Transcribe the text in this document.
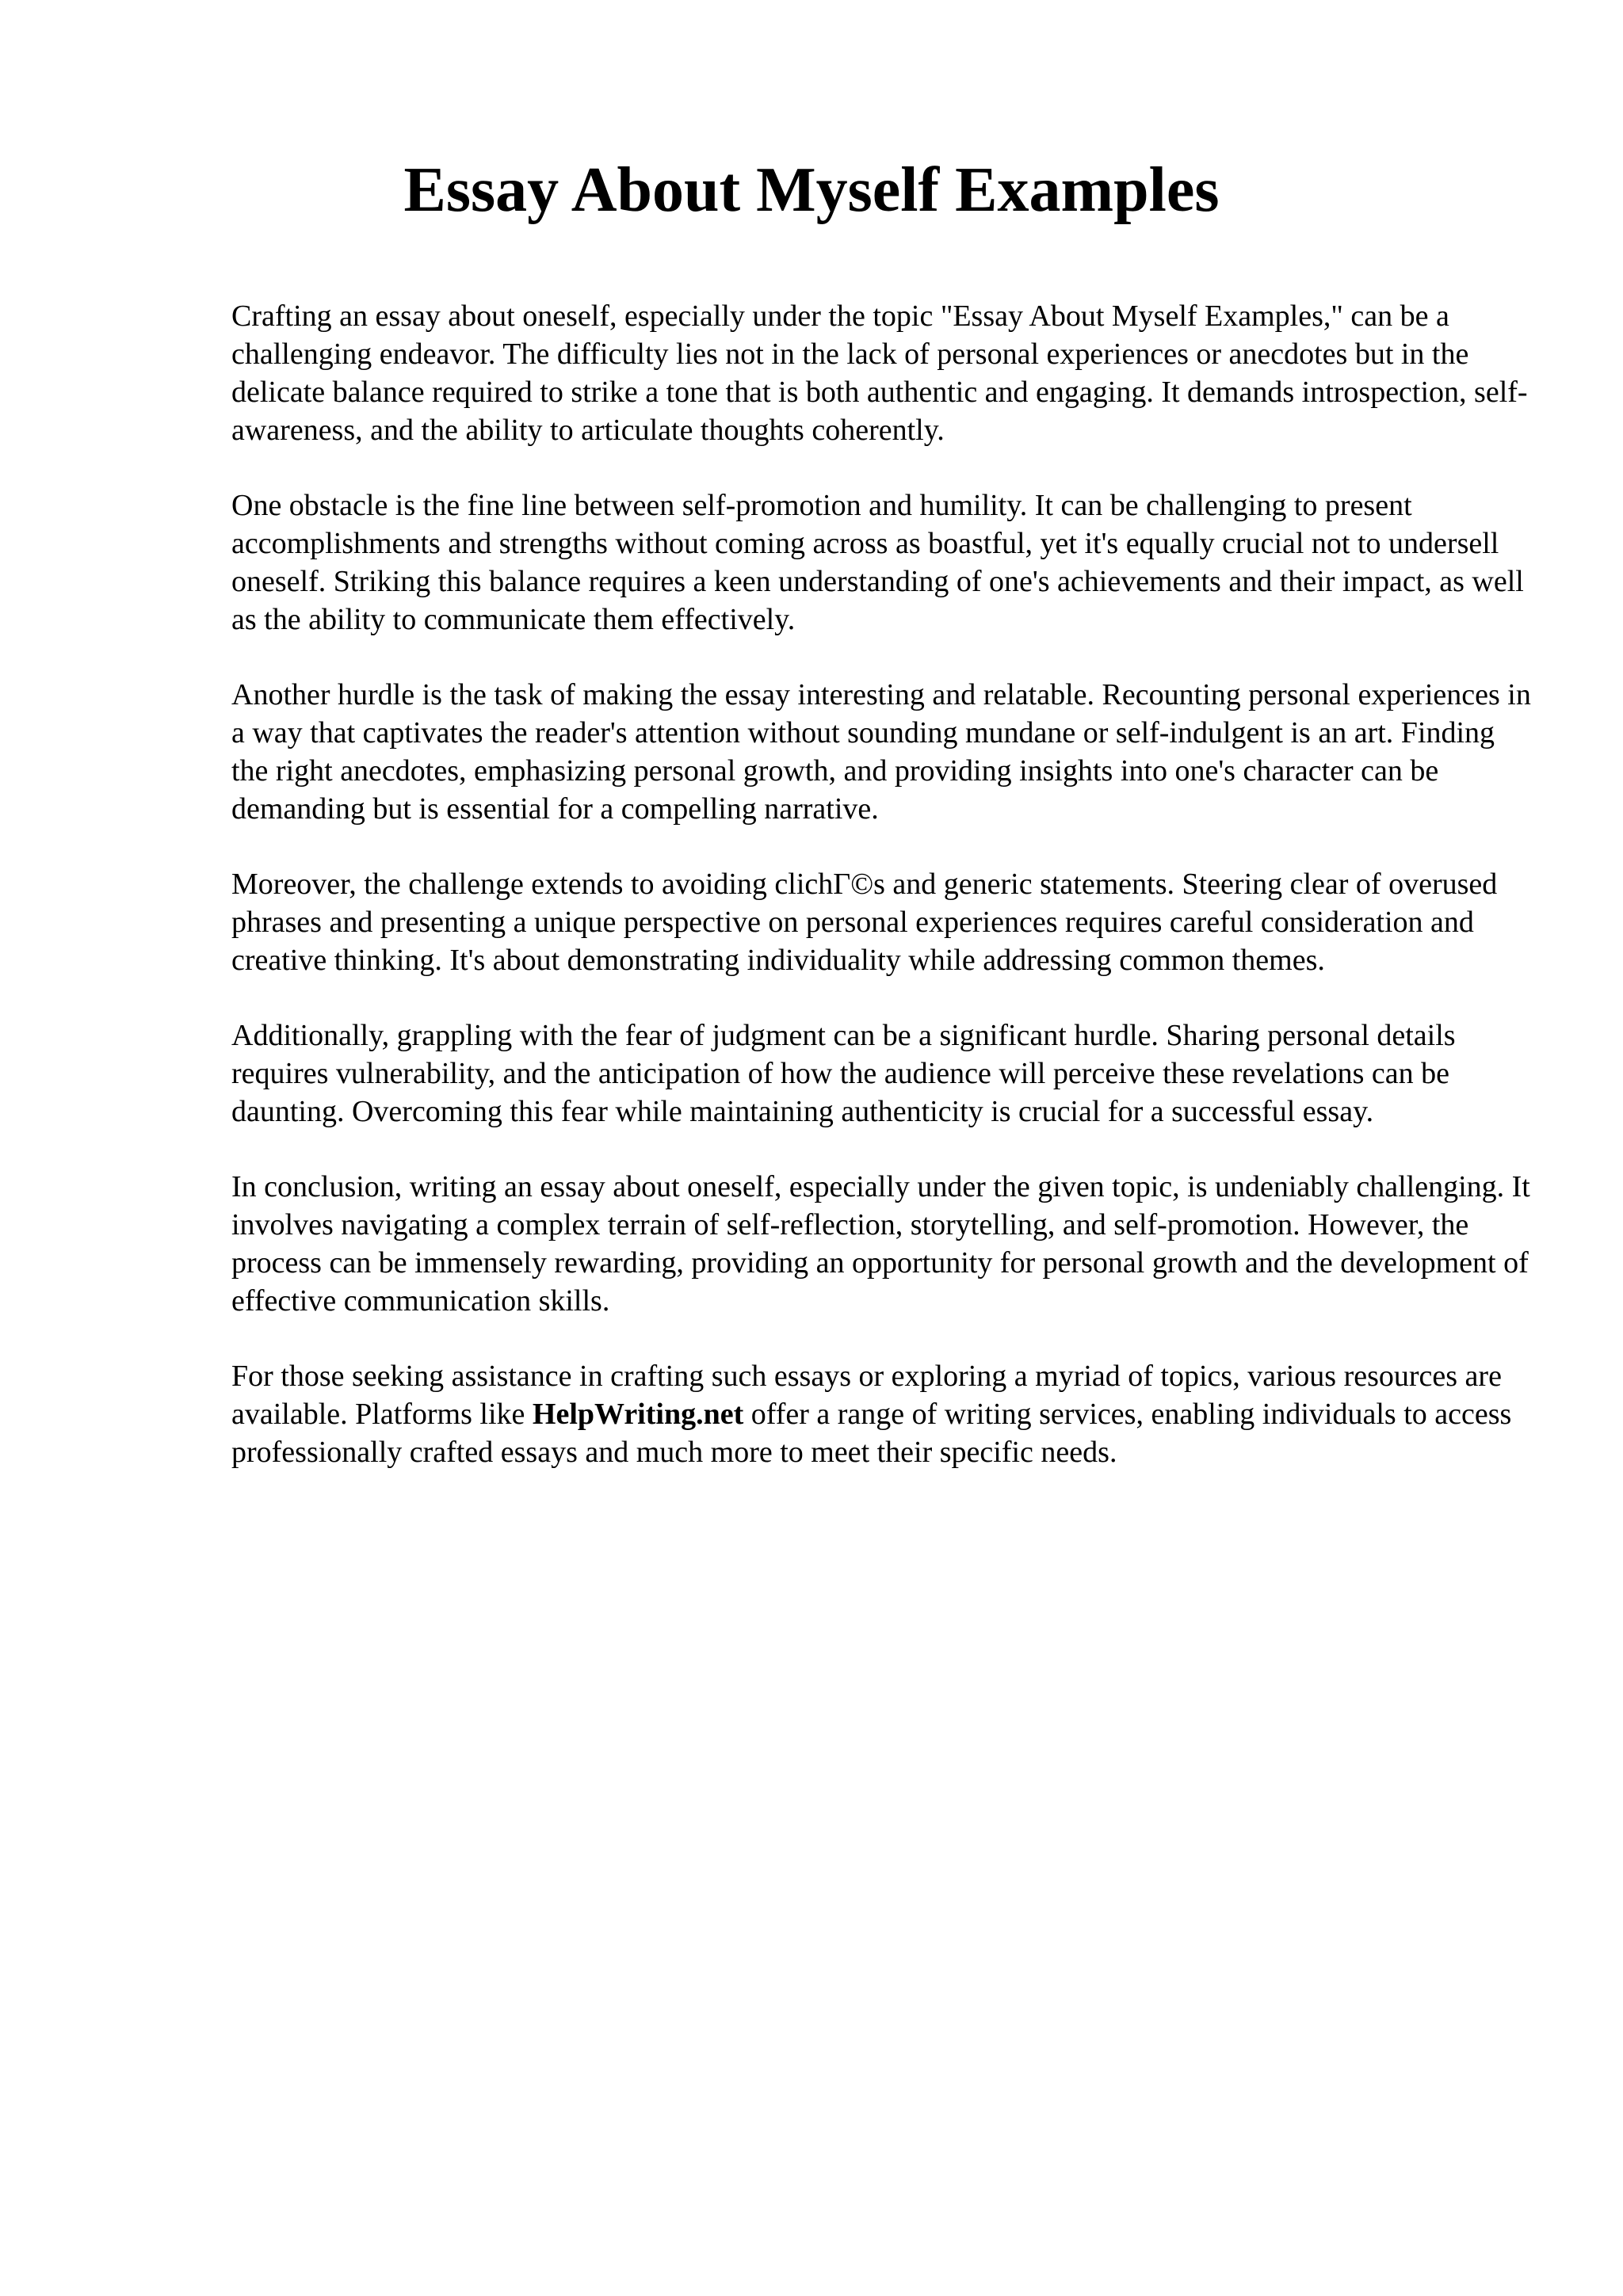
Essay About Myself Examples

Crafting an essay about oneself, especially under the topic "Essay About Myself Examples," can be a challenging endeavor. The difficulty lies not in the lack of personal experiences or anecdotes but in the delicate balance required to strike a tone that is both authentic and engaging. It demands introspection, self-awareness, and the ability to articulate thoughts coherently.

One obstacle is the fine line between self-promotion and humility. It can be challenging to present accomplishments and strengths without coming across as boastful, yet it's equally crucial not to undersell oneself. Striking this balance requires a keen understanding of one's achievements and their impact, as well as the ability to communicate them effectively.

Another hurdle is the task of making the essay interesting and relatable. Recounting personal experiences in a way that captivates the reader's attention without sounding mundane or self-indulgent is an art. Finding the right anecdotes, emphasizing personal growth, and providing insights into one's character can be demanding but is essential for a compelling narrative.

Moreover, the challenge extends to avoiding clichГ©s and generic statements. Steering clear of overused phrases and presenting a unique perspective on personal experiences requires careful consideration and creative thinking. It's about demonstrating individuality while addressing common themes.

Additionally, grappling with the fear of judgment can be a significant hurdle. Sharing personal details requires vulnerability, and the anticipation of how the audience will perceive these revelations can be daunting. Overcoming this fear while maintaining authenticity is crucial for a successful essay.

In conclusion, writing an essay about oneself, especially under the given topic, is undeniably challenging. It involves navigating a complex terrain of self-reflection, storytelling, and self-promotion. However, the process can be immensely rewarding, providing an opportunity for personal growth and the development of effective communication skills.

For those seeking assistance in crafting such essays or exploring a myriad of topics, various resources are available. Platforms like HelpWriting.net offer a range of writing services, enabling individuals to access professionally crafted essays and much more to meet their specific needs.
